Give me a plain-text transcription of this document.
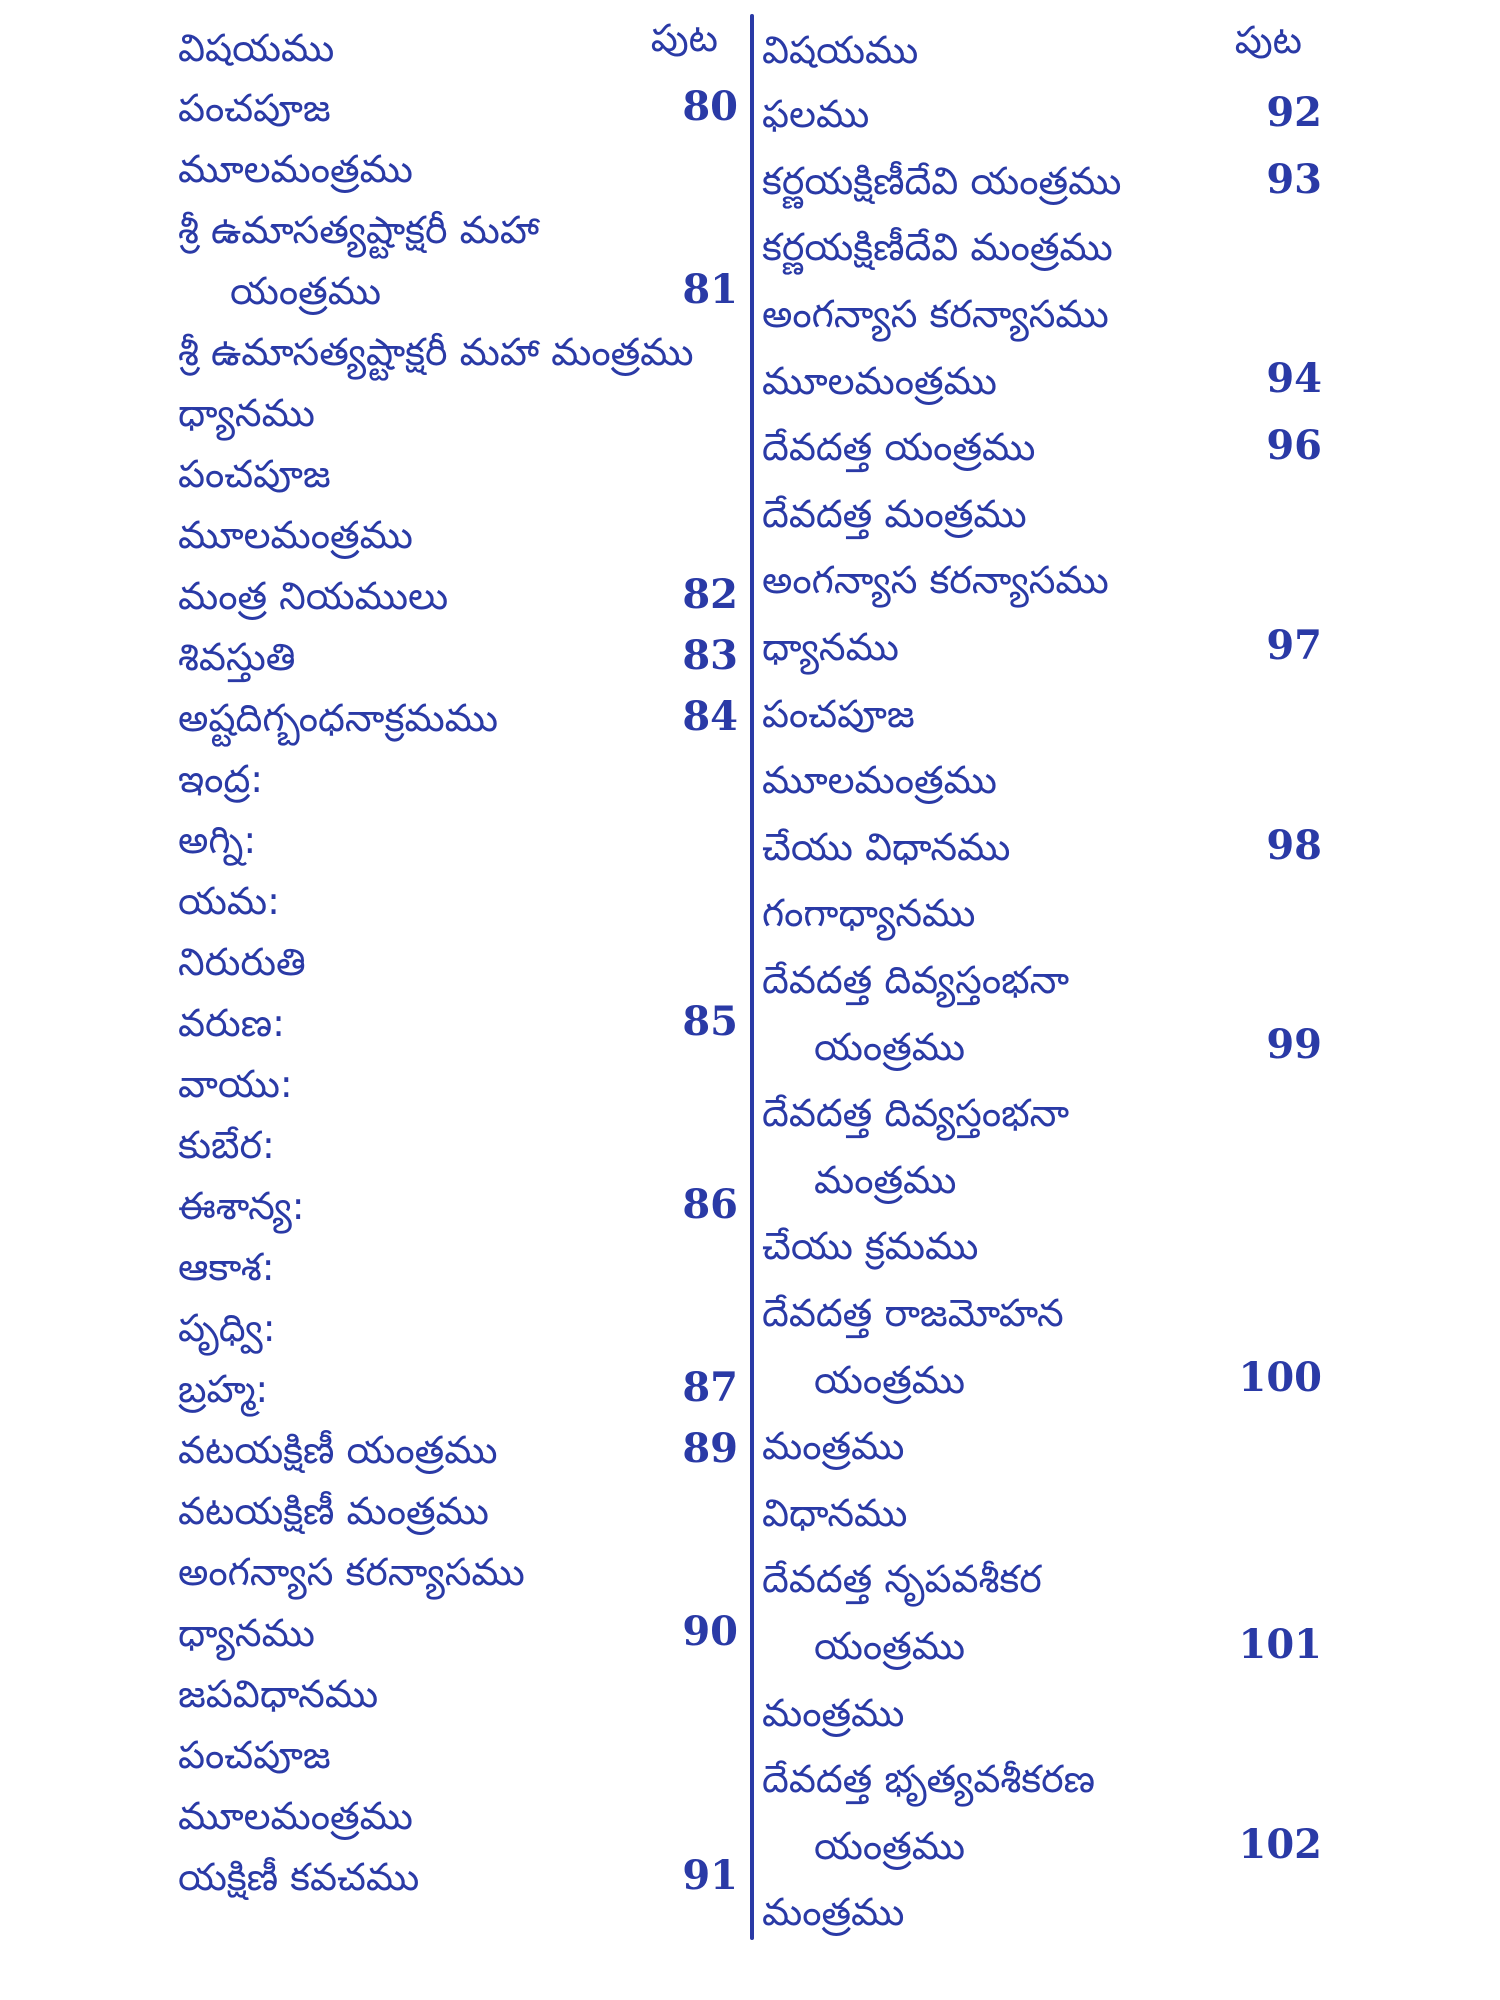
విషయము	పుట
పంచపూజ	80
మూలమంత్రము
శ్రీ ఉమాసత్యష్టాక్షరీ మహా
యంత్రము	81
శ్రీ ఉమాసత్యష్టాక్షరీ మహా మంత్రము
ధ్యానము
పంచపూజ
మూలమంత్రము
మంత్ర నియములు	82
శివస్తుతి	83
అష్టదిగ్బంధనాక్రమము	84
ఇంద్ర:
అగ్ని:
యమ:
నిరురుతి
వరుణ:	85
వాయు:
కుబేర:
ఈశాన్య:	86
ఆకాశ:
పృధ్వి:
బ్రహ్మ:	87
వటయక్షిణీ యంత్రము	89
వటయక్షిణీ మంత్రము
అంగన్యాస కరన్యాసము
ధ్యానము	90
జపవిధానము
పంచపూజ
మూలమంత్రము
యక్షిణీ కవచము	91
విషయము	పుట
ఫలము	92
కర్ణయక్షిణీదేవి యంత్రము	93
కర్ణయక్షిణీదేవి మంత్రము
అంగన్యాస కరన్యాసము
మూలమంత్రము	94
దేవదత్త యంత్రము	96
దేవదత్త మంత్రము
అంగన్యాస కరన్యాసము
ధ్యానము	97
పంచపూజ
మూలమంత్రము
చేయు విధానము	98
గంగాధ్యానము
దేవదత్త దివ్యస్తంభనా
యంత్రము	99
దేవదత్త దివ్యస్తంభనా
మంత్రము
చేయు క్రమము
దేవదత్త రాజమోహన
యంత్రము	100
మంత్రము
విధానము
దేవదత్త నృపవశీకర
యంత్రము	101
మంత్రము
దేవదత్త భృత్యవశీకరణ
యంత్రము	102
మంత్రము
